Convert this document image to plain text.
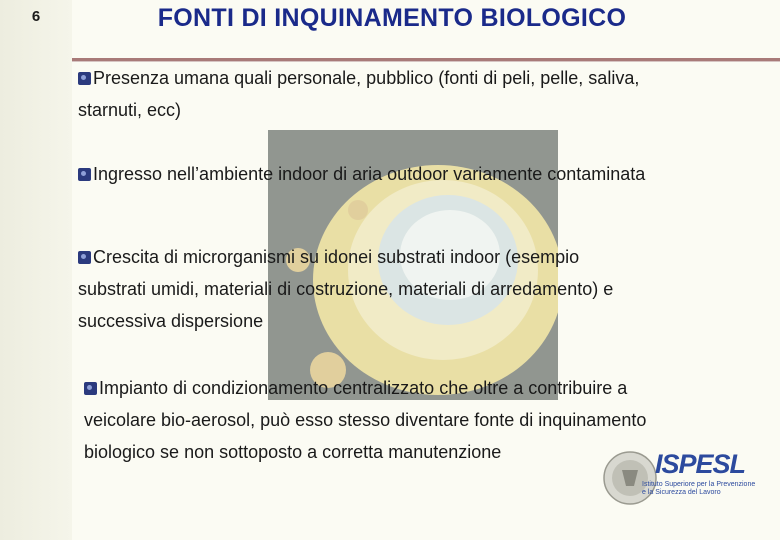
6	FONTI DI INQUINAMENTO BIOLOGICO
Presenza umana quali personale, pubblico (fonti di peli, pelle, saliva,
starnuti, ecc)
Ingresso nell’ambiente indoor di aria outdoor variamente contaminata
Crescita di microrganismi su idonei substrati indoor (esempio
substrati umidi, materiali di costruzione, materiali di arredamento) e
successiva dispersione
Impianto di condizionamento centralizzato che oltre a contribuire a
veicolare bio-aerosol, può esso stesso diventare fonte di inquinamento
biologico se non sottoposto a corretta manutenzione	ISPESL
Istituto Superiore per la Prevenzione
e la Sicurezza del Lavoro
